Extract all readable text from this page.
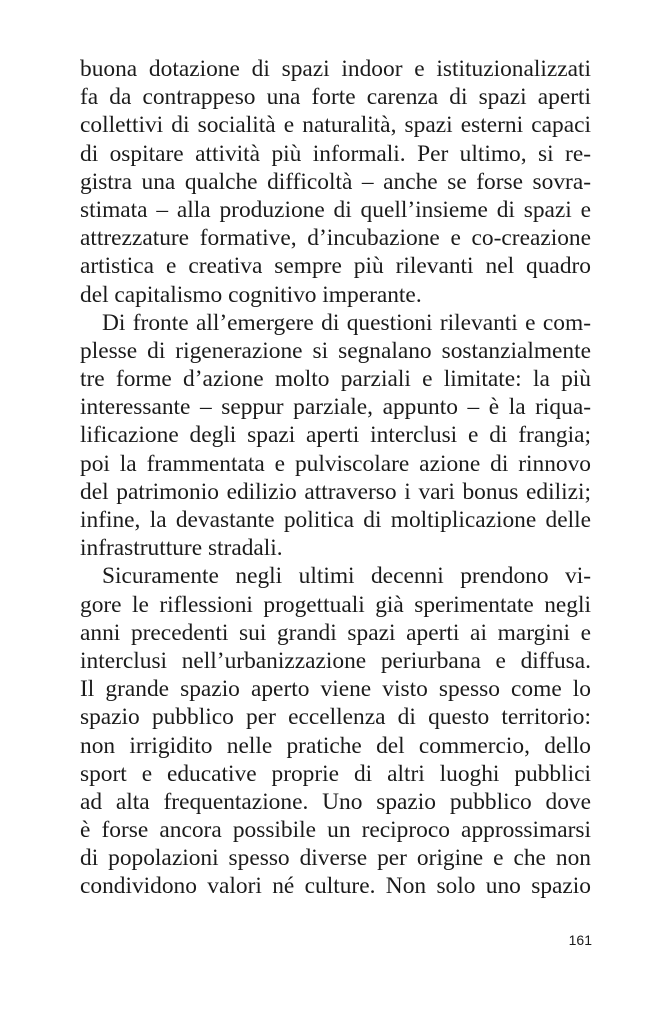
buona dotazione di spazi indoor e istituzionalizzati
fa da contrappeso una forte carenza di spazi aperti
collettivi di socialità e naturalità, spazi esterni capaci
di ospitare attività più informali. Per ultimo, si re-
gistra una qualche difficoltà – anche se forse sovra-
stimata – alla produzione di quell’insieme di spazi e
attrezzature formative, d’incubazione e co-creazione
artistica e creativa sempre più rilevanti nel quadro
del capitalismo cognitivo imperante.
Di fronte all’emergere di questioni rilevanti e com-
plesse di rigenerazione si segnalano sostanzialmente
tre forme d’azione molto parziali e limitate: la più
interessante – seppur parziale, appunto – è la riqua-
lificazione degli spazi aperti interclusi e di frangia;
poi la frammentata e pulviscolare azione di rinnovo
del patrimonio edilizio attraverso i vari bonus edilizi;
infine, la devastante politica di moltiplicazione delle
infrastrutture stradali.
Sicuramente negli ultimi decenni prendono vi-
gore le riflessioni progettuali già sperimentate negli
anni precedenti sui grandi spazi aperti ai margini e
interclusi nell’urbanizzazione periurbana e diffusa.
Il grande spazio aperto viene visto spesso come lo
spazio pubblico per eccellenza di questo territorio:
non irrigidito nelle pratiche del commercio, dello
sport e educative proprie di altri luoghi pubblici
ad alta frequentazione. Uno spazio pubblico dove
è forse ancora possibile un reciproco approssimarsi
di popolazioni spesso diverse per origine e che non
condividono valori né culture. Non solo uno spazio
161
